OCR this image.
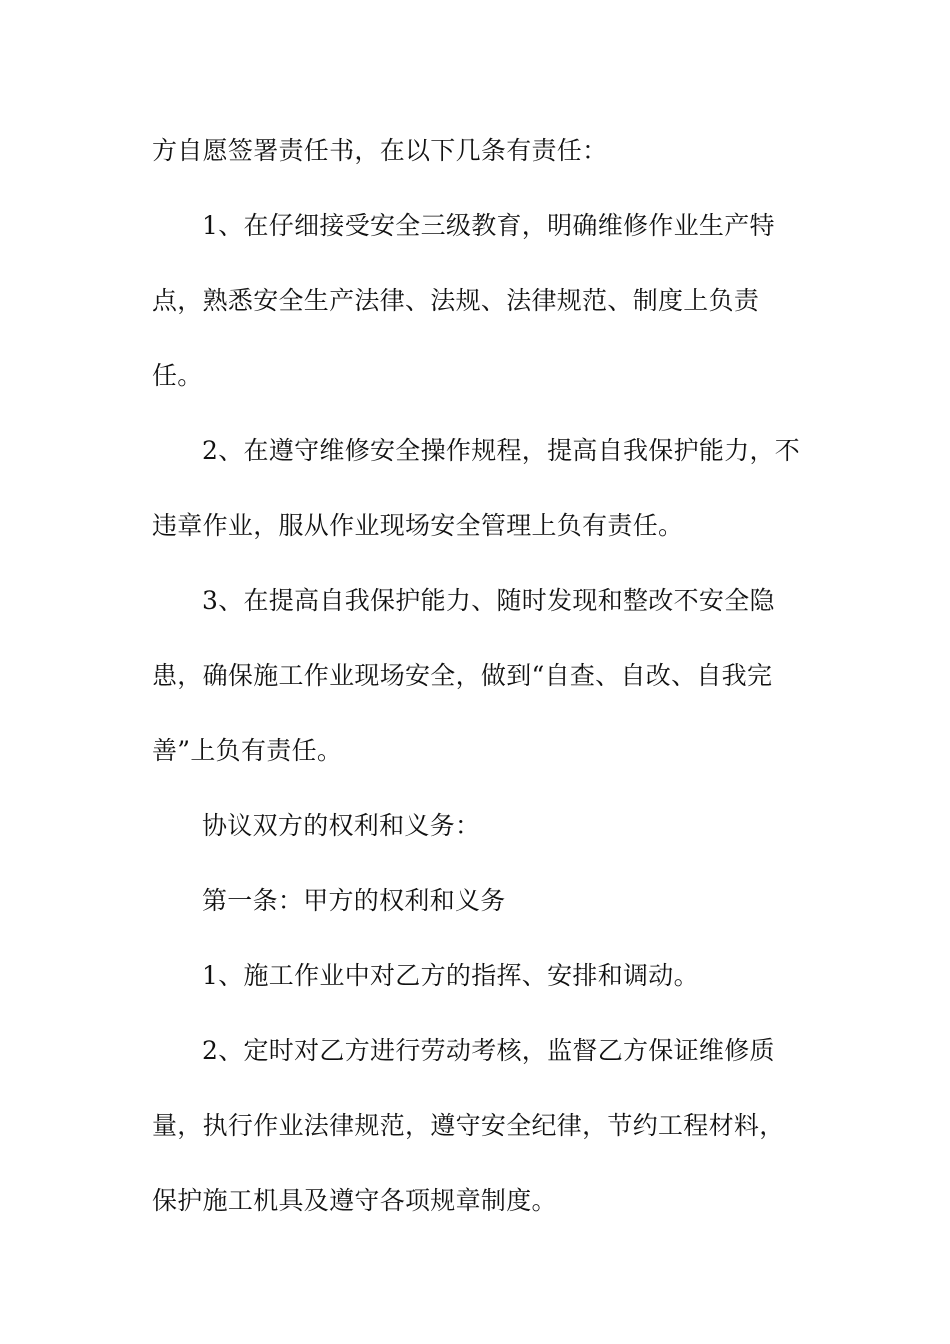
方自愿签署责任书，在以下几条有责任：
1、在仔细接受安全三级教育，明确维修作业生产特
点，熟悉安全生产法律、法规、法律规范、制度上负责
任。
2、在遵守维修安全操作规程，提高自我保护能力，不
违章作业，服从作业现场安全管理上负有责任。
3、在提高自我保护能力、随时发现和整改不安全隐
患，确保施工作业现场安全，做到“自查、自改、自我完
善”上负有责任。
协议双方的权利和义务：
第一条：甲方的权利和义务
1、施工作业中对乙方的指挥、安排和调动。
2、定时对乙方进行劳动考核，监督乙方保证维修质
量，执行作业法律规范，遵守安全纪律，节约工程材料，
保护施工机具及遵守各项规章制度。
